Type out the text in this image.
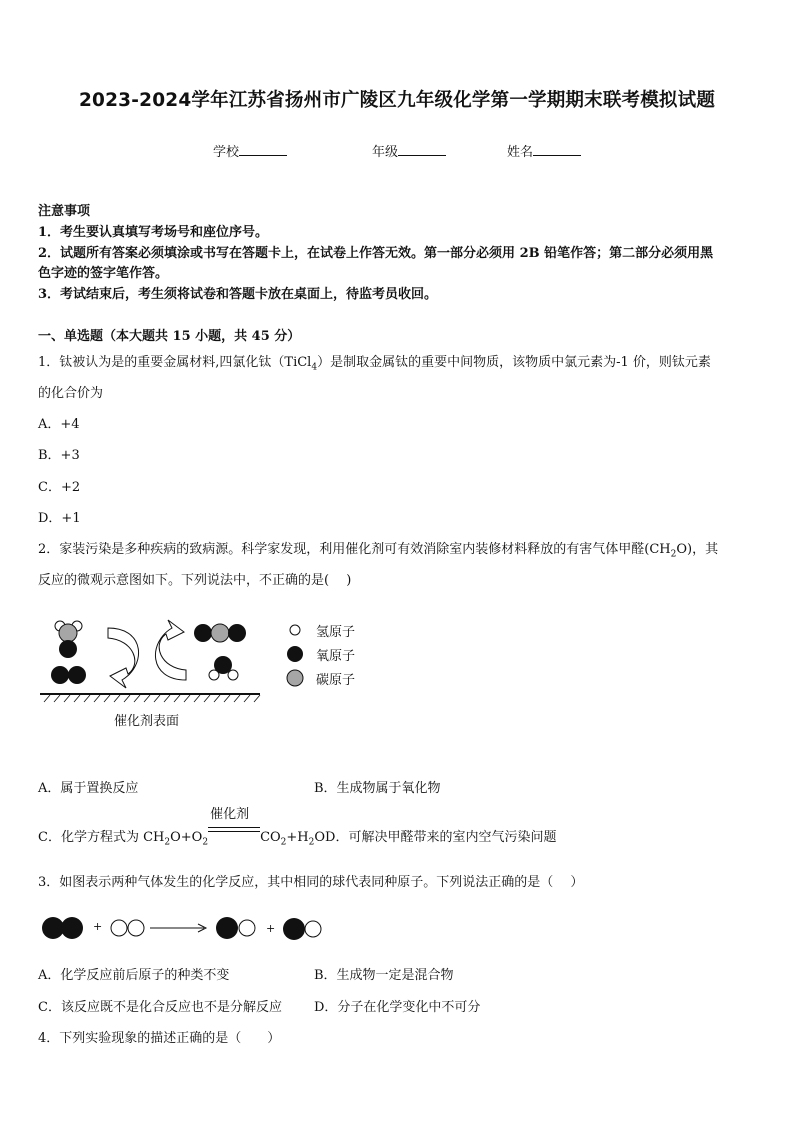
2023-2024学年江苏省扬州市广陵区九年级化学第一学期期末联考模拟试题
学校	年级	姓名
注意事项
1．考生要认真填写考场号和座位序号。
2．试题所有答案必须填涂或书写在答题卡上，在试卷上作答无效。第一部分必须用 2B 铅笔作答；第二部分必须用黑
色字迹的签字笔作答。
3．考试结束后，考生须将试卷和答题卡放在桌面上，待监考员收回。
一、单选题（本大题共 15 小题，共 45 分）
1．钛被认为是的重要金属材料,四氯化钛（TiCl$_4$）是制取金属钛的重要中间物质，该物质中氯元素为-1 价，则钛元素
的化合价为
A．+4
B．+3
C．+2
D．+1
2．家装污染是多种疾病的致病源。科学家发现，利用催化剂可有效消除室内装修材料释放的有害气体甲醛$(CH_2O)$，其
反应的微观示意图如下。下列说法中，不正确的是(　 )
氢原子
氧原子
碳原子
催化剂表面
A．属于置换反应	B．生成物属于氧化物
C．化学方程式为 $CH_2O+O_2$
催化剂
$CO_2+H_2OD$．可解决甲醛带来的室内空气污染问题
3．如图表示两种气体发生的化学反应，其中相同的球代表同种原子。下列说法正确的是（　 ）
+	+
A．化学反应前后原子的种类不变	B．生成物一定是混合物
C．该反应既不是化合反应也不是分解反应 D．分子在化学变化中不可分
4．下列实验现象的描述正确的是（　　）
